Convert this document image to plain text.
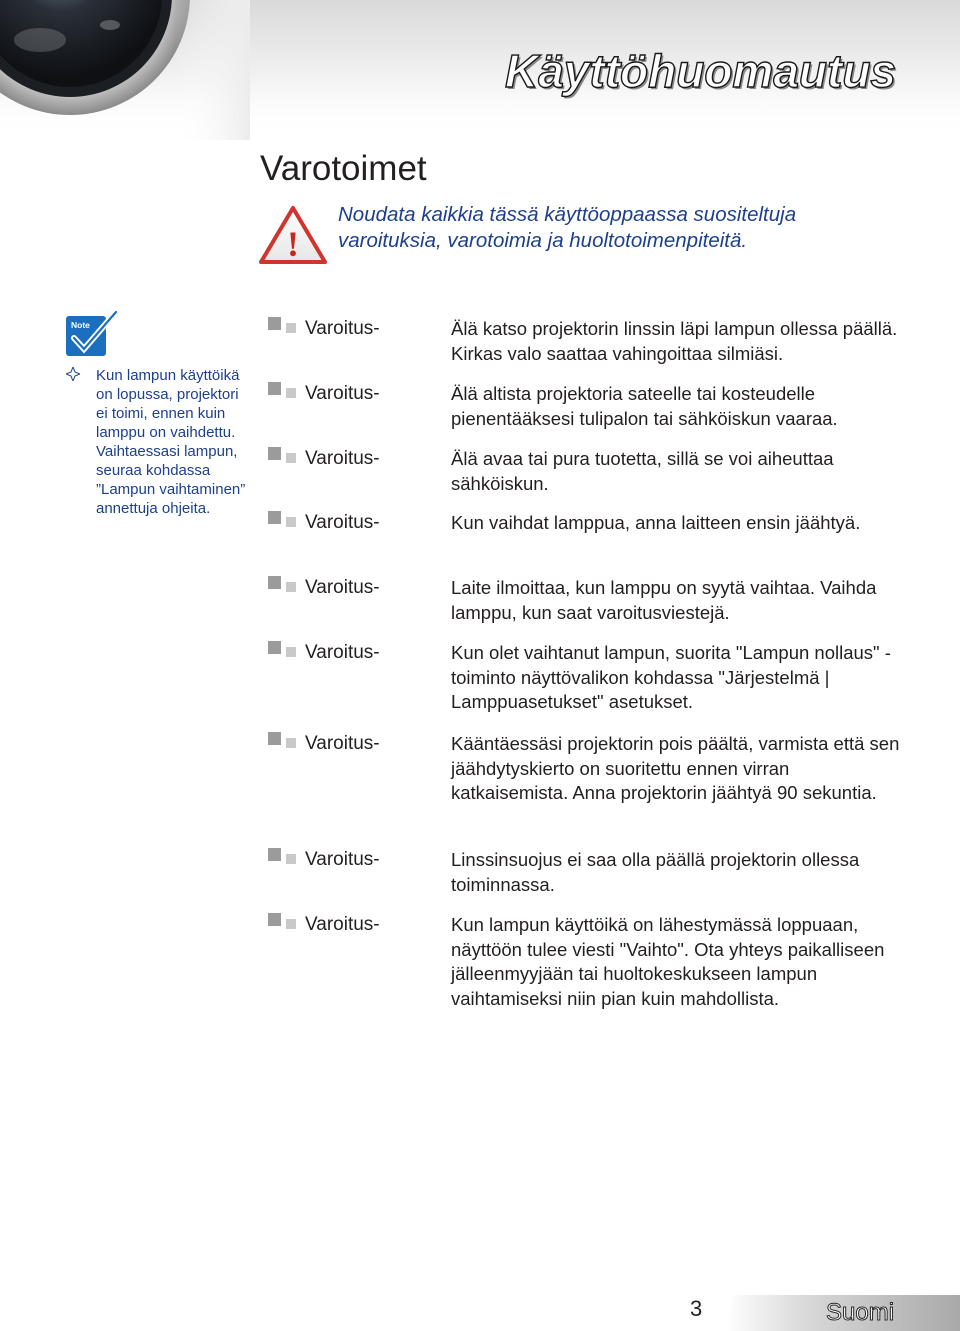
Käyttöhuomautus
Varotoimet
!
Noudata kaikkia tässä käyttöoppaassa suositeltuja varoituksia, varotoimia ja huoltotoimenpiteitä.
Note
Kun lampun käyttöikä on lopussa, projektori ei toimi, ennen kuin lamppu on vaihdettu. Vaihtaessasi lampun, seuraa kohdassa ”Lampun vaihtaminen” annettuja ohjeita.
Varoitus-	Älä katso projektorin linssin läpi lampun ollessa päällä. Kirkas valo saattaa vahingoittaa silmiäsi.
Varoitus-	Älä altista projektoria sateelle tai kosteudelle pienentääksesi tulipalon tai sähköiskun vaaraa.
Varoitus-	Älä avaa tai pura tuotetta, sillä se voi aiheuttaa sähköiskun.
Varoitus-	Kun vaihdat lamppua, anna laitteen ensin jäähtyä.
Varoitus-	Laite ilmoittaa, kun lamppu on syytä vaihtaa. Vaihda lamppu, kun saat varoitusviestejä.
Varoitus-	Kun olet vaihtanut lampun, suorita "Lampun nollaus" -toiminto näyttövalikon kohdassa "Järjestelmä | Lamppuasetukset" asetukset.
Varoitus-	Kääntäessäsi projektorin pois päältä, varmista että sen jäähdytyskierto on suoritettu ennen virran katkaisemista. Anna projektorin jäähtyä 90 sekuntia.
Varoitus-	Linssinsuojus ei saa olla päällä projektorin ollessa toiminnassa.
Varoitus-	Kun lampun käyttöikä on lähestymässä loppuaan, näyttöön tulee viesti "Vaihto". Ota yhteys paikalliseen jälleenmyyjään tai huoltokeskukseen lampun vaihtamiseksi niin pian kuin mahdollista.
3	Suomi
